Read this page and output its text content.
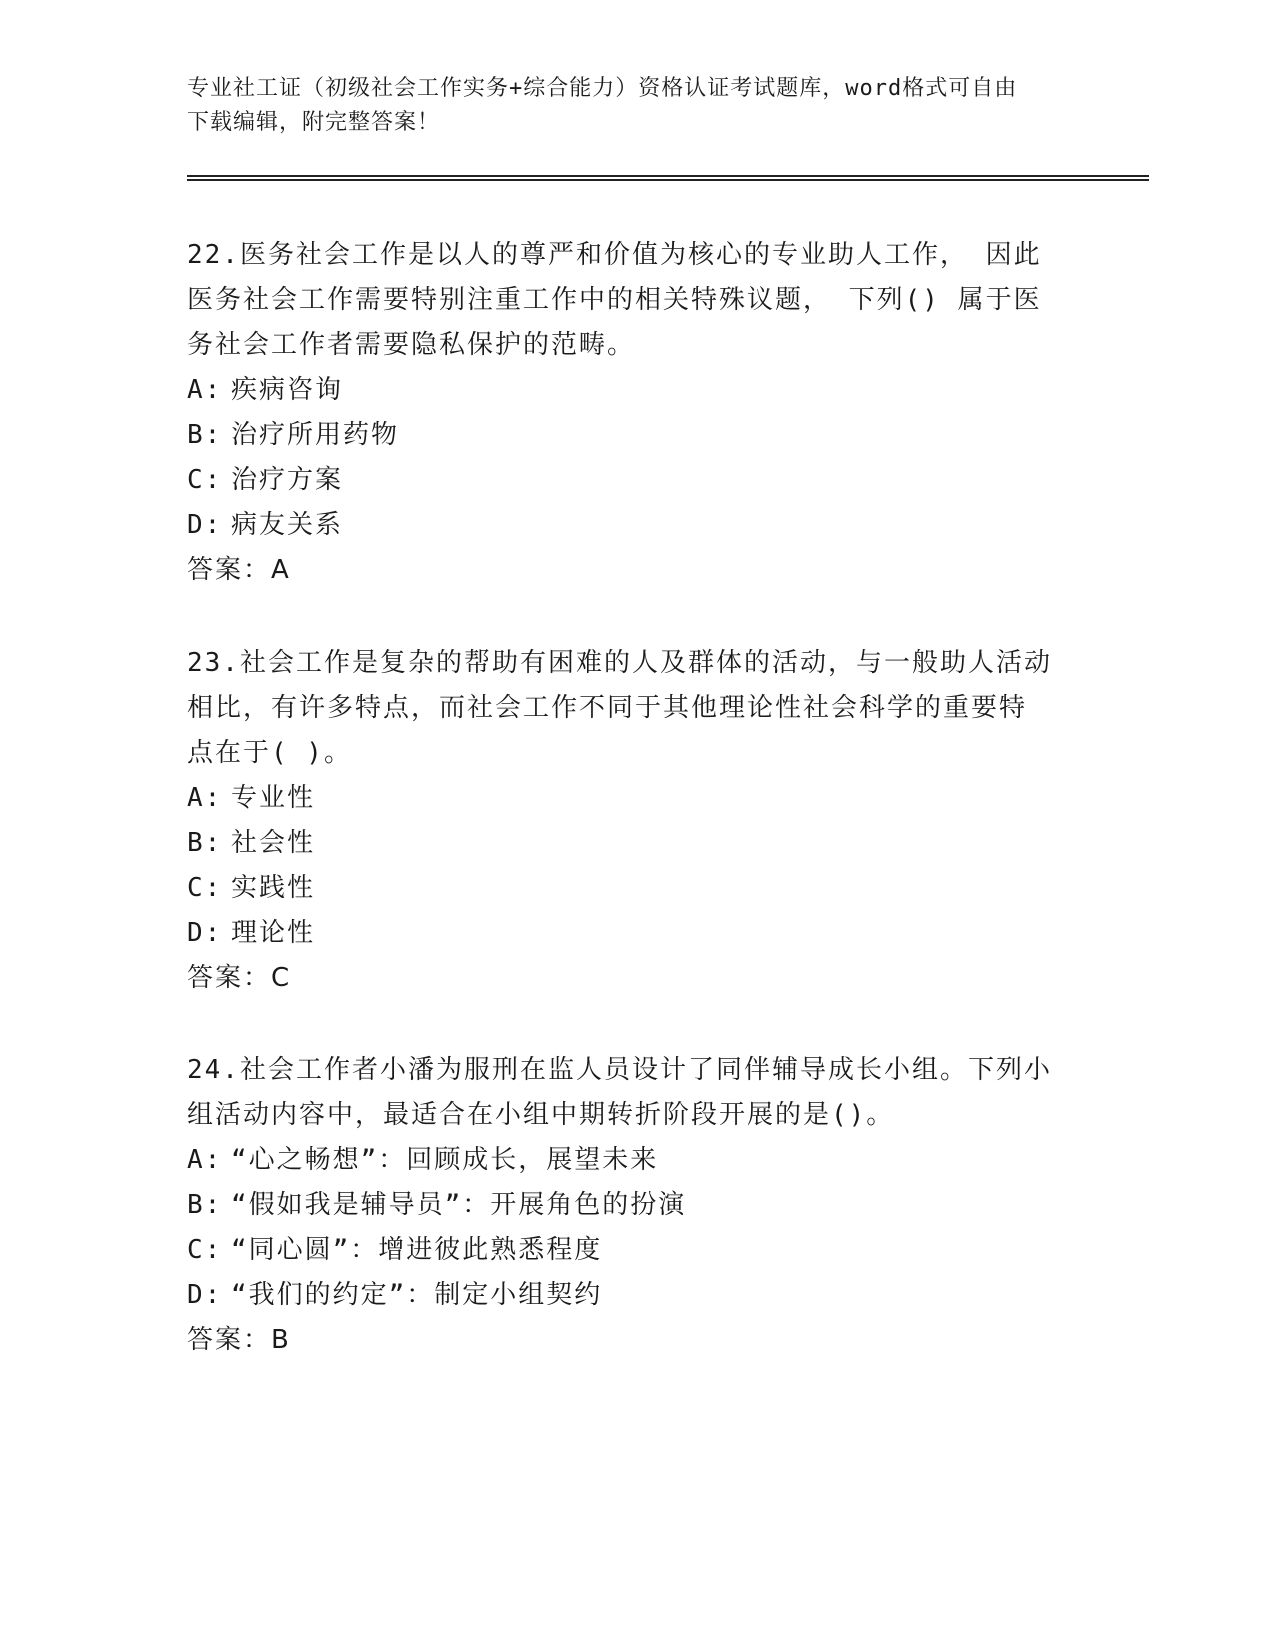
专业社工证（初级社会工作实务+综合能力）资格认证考试题库，word格式可自由
下载编辑，附完整答案！

22.医务社会工作是以人的尊严和价值为核心的专业助人工作， 因此

医务社会工作需要特别注重工作中的相关特殊议题， 下列() 属于医

务社会工作者需要隐私保护的范畴。

A: 疾病咨询

B: 治疗所用药物

C: 治疗方案

D: 病友关系

答案：A

23.社会工作是复杂的帮助有困难的人及群体的活动，与一般助人活动

相比，有许多特点，而社会工作不同于其他理论性社会科学的重要特

点在于( )。

A: 专业性

B: 社会性

C: 实践性

D: 理论性

答案：C

24.社会工作者小潘为服刑在监人员设计了同伴辅导成长小组。下列小

组活动内容中，最适合在小组中期转折阶段开展的是()。

A: “心之畅想”：回顾成长，展望未来

B: “假如我是辅导员”：开展角色的扮演

C: “同心圆”：增进彼此熟悉程度

D: “我们的约定”：制定小组契约

答案：B
